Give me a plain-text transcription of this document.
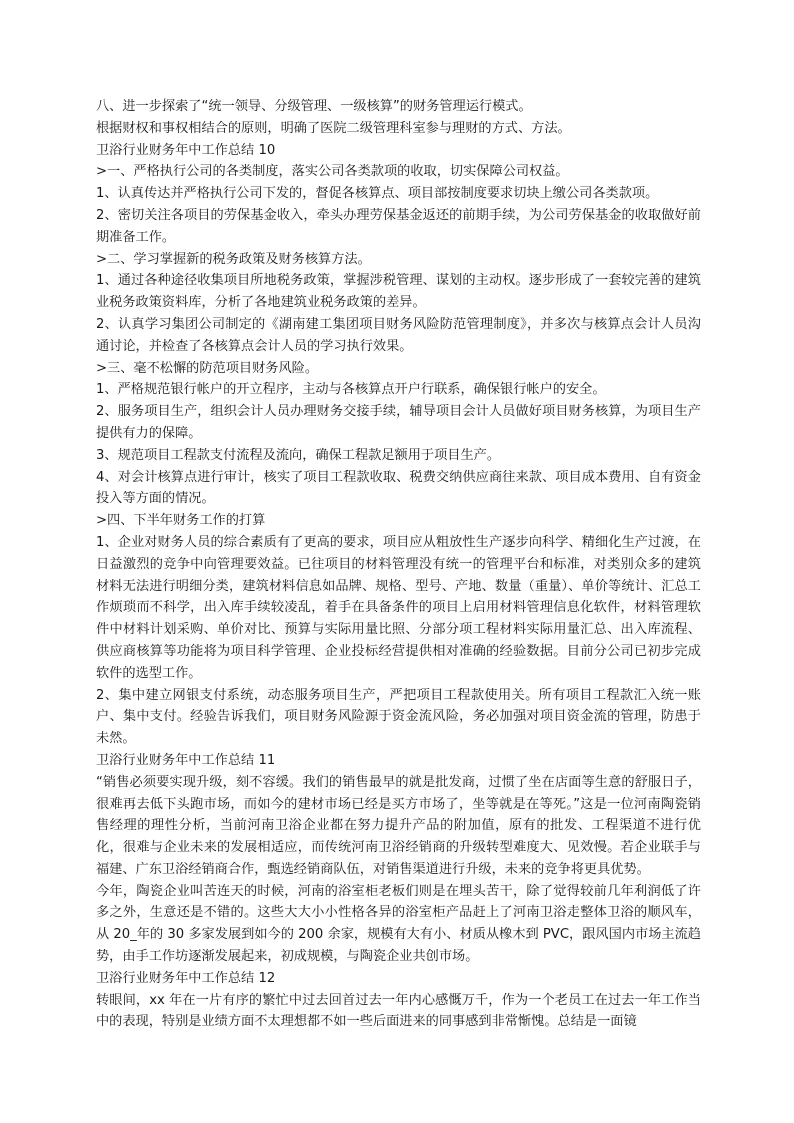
八、进一步探索了“统一领导、分级管理、一级核算”的财务管理运行模式。

根据财权和事权相结合的原则，明确了医院二级管理科室参与理财的方式、方法。

卫浴行业财务年中工作总结 10

>一、严格执行公司的各类制度，落实公司各类款项的收取，切实保障公司权益。

1、认真传达并严格执行公司下发的，督促各核算点、项目部按制度要求切块上缴公司各类款项。

2、密切关注各项目的劳保基金收入，牵头办理劳保基金返还的前期手续，为公司劳保基金的收取做好前期准备工作。

>二、学习掌握新的税务政策及财务核算方法。

1、通过各种途径收集项目所地税务政策，掌握涉税管理、谋划的主动权。逐步形成了一套较完善的建筑业税务政策资料库，分析了各地建筑业税务政策的差异。

2、认真学习集团公司制定的《湖南建工集团项目财务风险防范管理制度》，并多次与核算点会计人员沟通讨论，并检查了各核算点会计人员的学习执行效果。

>三、毫不松懈的防范项目财务风险。

1、严格规范银行帐户的开立程序，主动与各核算点开户行联系，确保银行帐户的安全。

2、服务项目生产，组织会计人员办理财务交接手续，辅导项目会计人员做好项目财务核算，为项目生产提供有力的保障。

3、规范项目工程款支付流程及流向，确保工程款足额用于项目生产。

4、对会计核算点进行审计，核实了项目工程款收取、税费交纳供应商往来款、项目成本费用、自有资金投入等方面的情况。

>四、下半年财务工作的打算

1、企业对财务人员的综合素质有了更高的要求，项目应从粗放性生产逐步向科学、精细化生产过渡，在日益激烈的竞争中向管理要效益。已往项目的材料管理没有统一的管理平台和标准，对类别众多的建筑材料无法进行明细分类，建筑材料信息如品牌、规格、型号、产地、数量（重量）、单价等统计、汇总工作烦琐而不科学，出入库手续较凌乱，着手在具备条件的项目上启用材料管理信息化软件，材料管理软件中材料计划采购、单价对比、预算与实际用量比照、分部分项工程材料实际用量汇总、出入库流程、供应商核算等功能将为项目科学管理、企业投标经营提供相对准确的经验数据。目前分公司已初步完成软件的选型工作。

2、集中建立网银支付系统，动态服务项目生产，严把项目工程款使用关。所有项目工程款汇入统一账户、集中支付。经验告诉我们，项目财务风险源于资金流风险，务必加强对项目资金流的管理，防患于未然。

卫浴行业财务年中工作总结 11

“销售必须要实现升级，刻不容缓。我们的销售最早的就是批发商，过惯了坐在店面等生意的舒服日子，很难再去低下头跑市场，而如今的建材市场已经是买方市场了，坐等就是在等死。”这是一位河南陶瓷销售经理的理性分析，当前河南卫浴企业都在努力提升产品的附加值，原有的批发、工程渠道不进行优化，很难与企业未来的发展相适应，而传统河南卫浴经销商的升级转型难度大、见效慢。若企业联手与福建、广东卫浴经销商合作，甄选经销商队伍，对销售渠道进行升级，未来的竞争将更具优势。

今年，陶瓷企业叫苦连天的时候，河南的浴室柜老板们则是在埋头苦干，除了觉得较前几年利润低了许多之外，生意还是不错的。这些大大小小性格各异的浴室柜产品赶上了河南卫浴走整体卫浴的顺风车，从 20_年的 30 多家发展到如今的 200 余家，规模有大有小、材质从橡木到 PVC，跟风国内市场主流趋势，由手工作坊逐渐发展起来，初成规模，与陶瓷企业共创市场。

卫浴行业财务年中工作总结 12

转眼间，xx 年在一片有序的繁忙中过去回首过去一年内心感慨万千，作为一个老员工在过去一年工作当中的表现，特别是业绩方面不太理想都不如一些后面进来的同事感到非常惭愧。总结是一面镜
